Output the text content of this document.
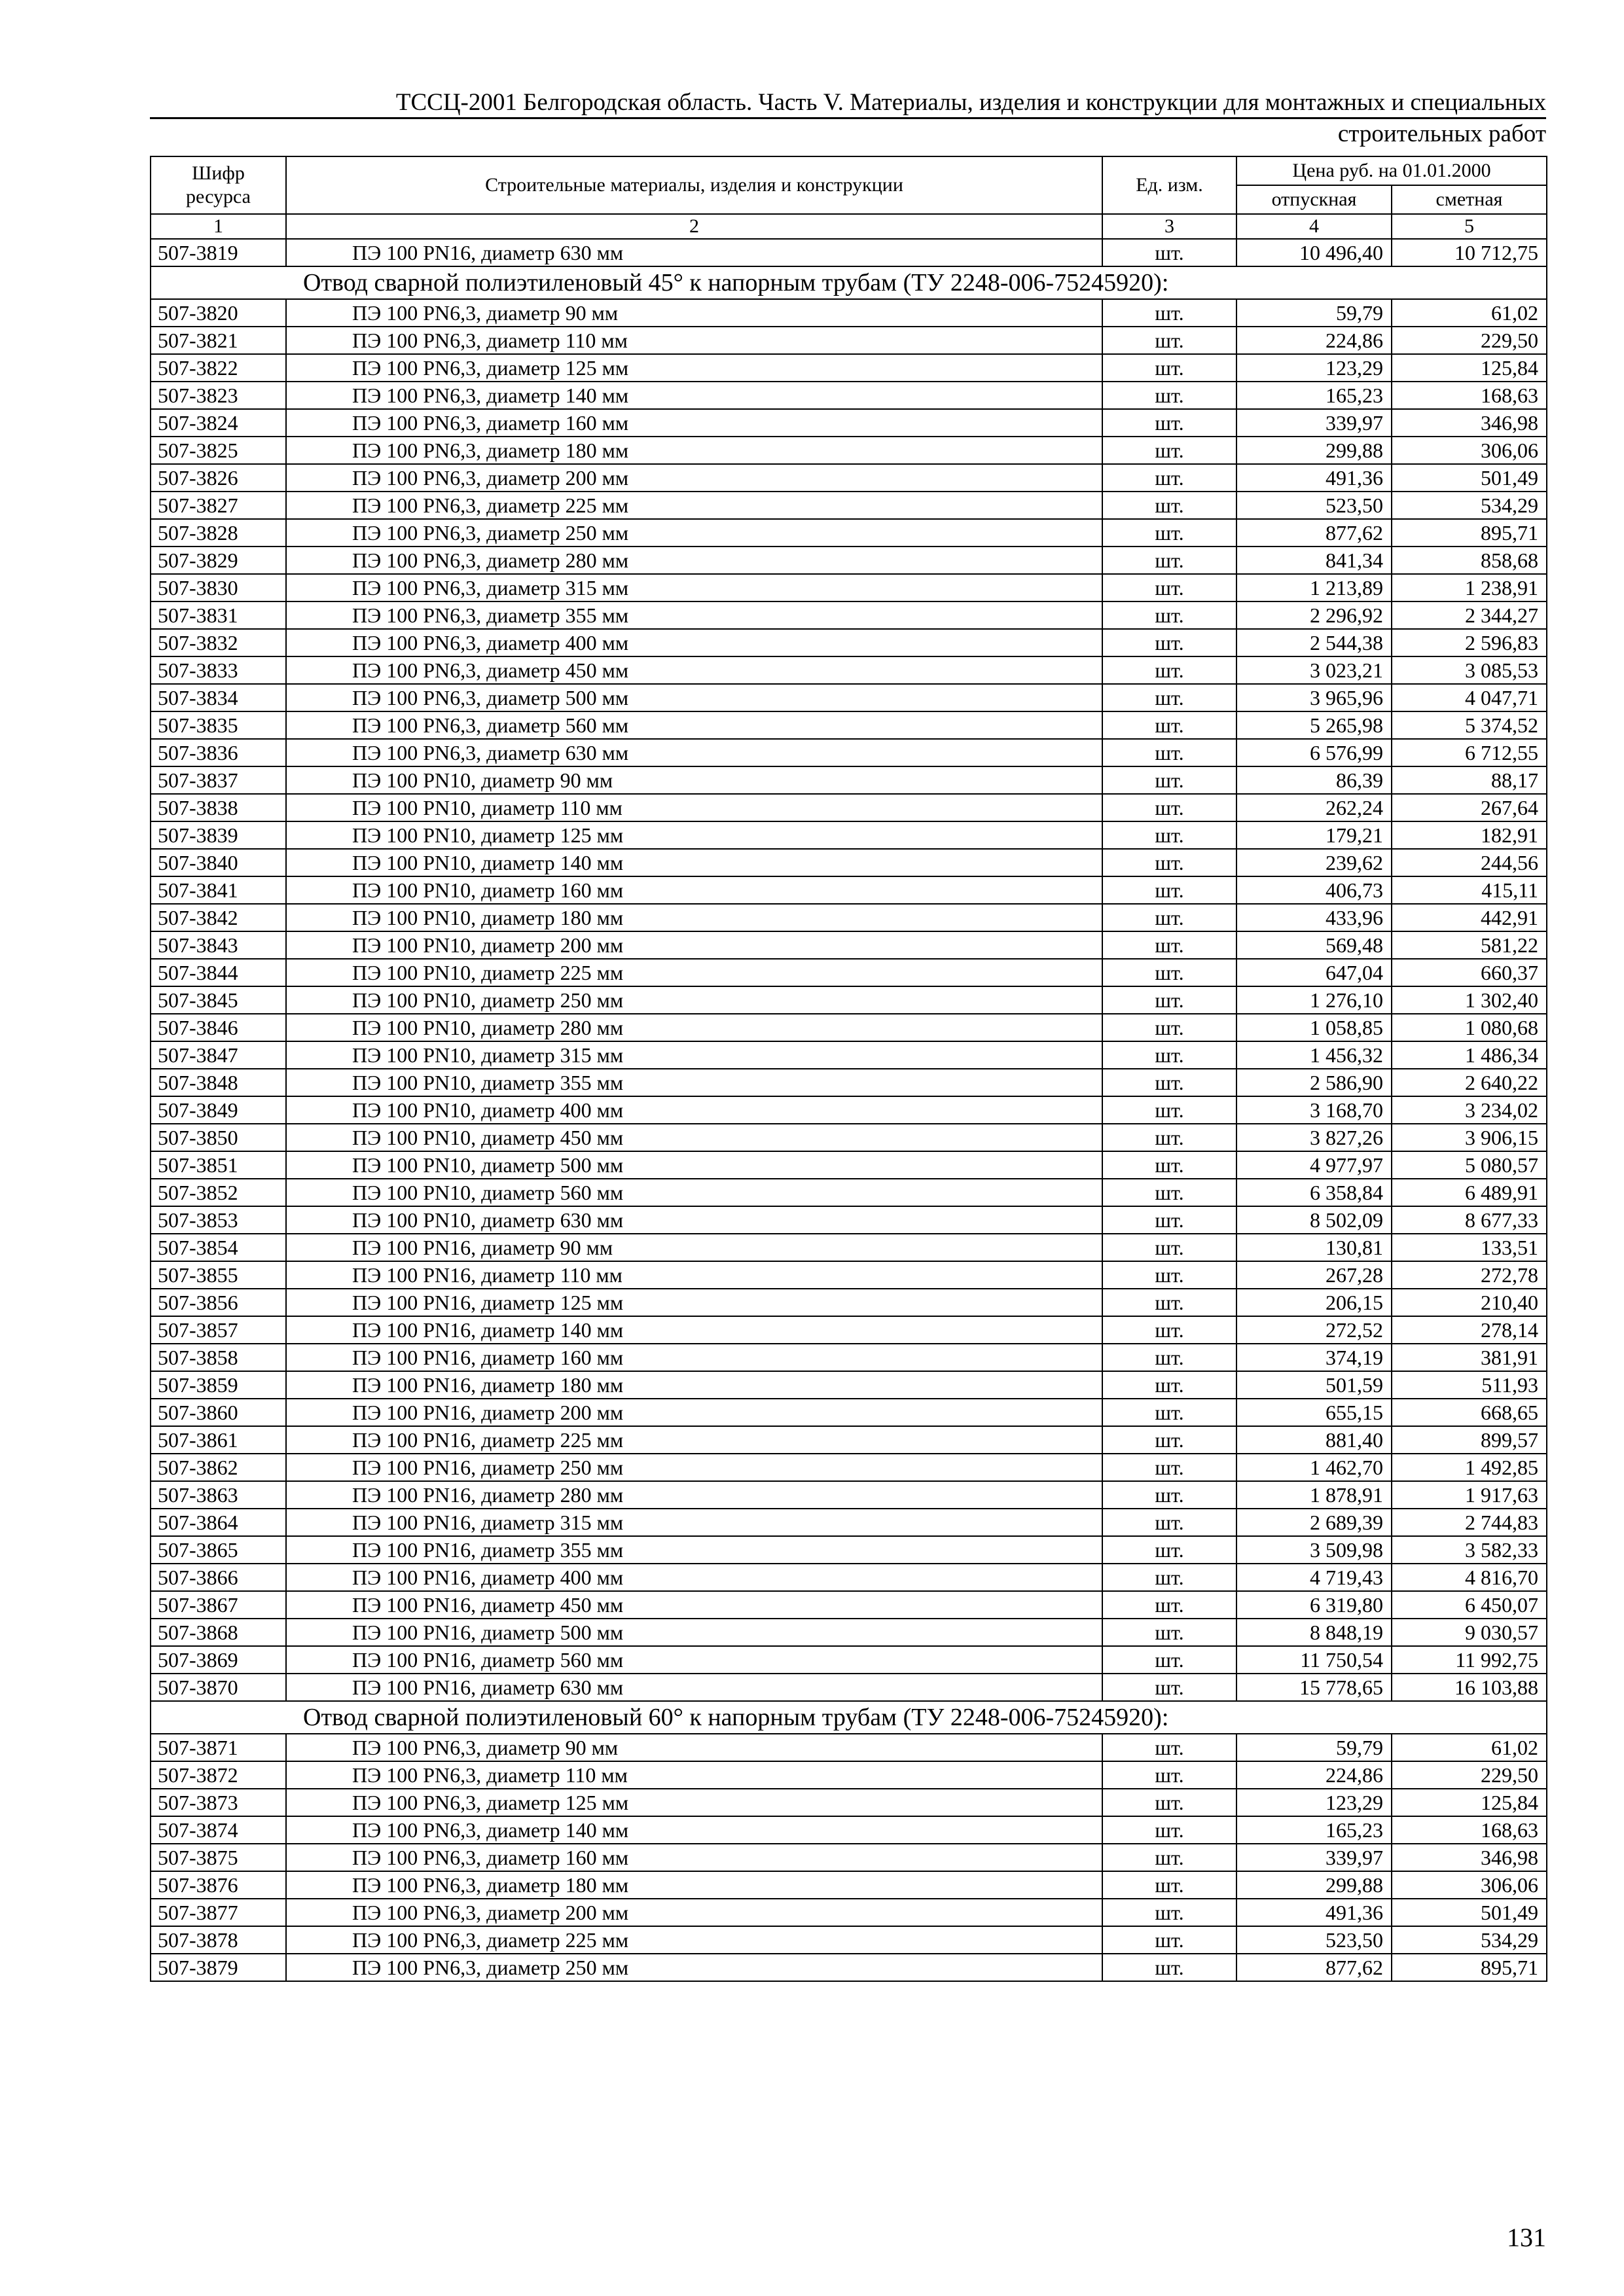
ТССЦ-2001 Белгородская область. Часть V. Материалы, изделия и конструкции для монтажных и специальных
строительных работ
Шифр ресурса	Строительные материалы, изделия и конструкции	Ед. изм.	Цена руб. на 01.01.2000	
			отпускная	сметная
1	2	3	4	5
507-3819	ПЭ 100 PN16, диаметр 630 мм	шт.	10 496,40	10 712,75
Отвод сварной полиэтиленовый 45° к напорным трубам (ТУ 2248-006-75245920):				
507-3820	ПЭ 100 PN6,3, диаметр 90 мм	шт.	59,79	61,02
507-3821	ПЭ 100 PN6,3, диаметр 110 мм	шт.	224,86	229,50
507-3822	ПЭ 100 PN6,3, диаметр 125 мм	шт.	123,29	125,84
507-3823	ПЭ 100 PN6,3, диаметр 140 мм	шт.	165,23	168,63
507-3824	ПЭ 100 PN6,3, диаметр 160 мм	шт.	339,97	346,98
507-3825	ПЭ 100 PN6,3, диаметр 180 мм	шт.	299,88	306,06
507-3826	ПЭ 100 PN6,3, диаметр 200 мм	шт.	491,36	501,49
507-3827	ПЭ 100 PN6,3, диаметр 225 мм	шт.	523,50	534,29
507-3828	ПЭ 100 PN6,3, диаметр 250 мм	шт.	877,62	895,71
507-3829	ПЭ 100 PN6,3, диаметр 280 мм	шт.	841,34	858,68
507-3830	ПЭ 100 PN6,3, диаметр 315 мм	шт.	1 213,89	1 238,91
507-3831	ПЭ 100 PN6,3, диаметр 355 мм	шт.	2 296,92	2 344,27
507-3832	ПЭ 100 PN6,3, диаметр 400 мм	шт.	2 544,38	2 596,83
507-3833	ПЭ 100 PN6,3, диаметр 450 мм	шт.	3 023,21	3 085,53
507-3834	ПЭ 100 PN6,3, диаметр 500 мм	шт.	3 965,96	4 047,71
507-3835	ПЭ 100 PN6,3, диаметр 560 мм	шт.	5 265,98	5 374,52
507-3836	ПЭ 100 PN6,3, диаметр 630 мм	шт.	6 576,99	6 712,55
507-3837	ПЭ 100 PN10, диаметр 90 мм	шт.	86,39	88,17
507-3838	ПЭ 100 PN10, диаметр 110 мм	шт.	262,24	267,64
507-3839	ПЭ 100 PN10, диаметр 125 мм	шт.	179,21	182,91
507-3840	ПЭ 100 PN10, диаметр 140 мм	шт.	239,62	244,56
507-3841	ПЭ 100 PN10, диаметр 160 мм	шт.	406,73	415,11
507-3842	ПЭ 100 PN10, диаметр 180 мм	шт.	433,96	442,91
507-3843	ПЭ 100 PN10, диаметр 200 мм	шт.	569,48	581,22
507-3844	ПЭ 100 PN10, диаметр 225 мм	шт.	647,04	660,37
507-3845	ПЭ 100 PN10, диаметр 250 мм	шт.	1 276,10	1 302,40
507-3846	ПЭ 100 PN10, диаметр 280 мм	шт.	1 058,85	1 080,68
507-3847	ПЭ 100 PN10, диаметр 315 мм	шт.	1 456,32	1 486,34
507-3848	ПЭ 100 PN10, диаметр 355 мм	шт.	2 586,90	2 640,22
507-3849	ПЭ 100 PN10, диаметр 400 мм	шт.	3 168,70	3 234,02
507-3850	ПЭ 100 PN10, диаметр 450 мм	шт.	3 827,26	3 906,15
507-3851	ПЭ 100 PN10, диаметр 500 мм	шт.	4 977,97	5 080,57
507-3852	ПЭ 100 PN10, диаметр 560 мм	шт.	6 358,84	6 489,91
507-3853	ПЭ 100 PN10, диаметр 630 мм	шт.	8 502,09	8 677,33
507-3854	ПЭ 100 PN16, диаметр 90 мм	шт.	130,81	133,51
507-3855	ПЭ 100 PN16, диаметр 110 мм	шт.	267,28	272,78
507-3856	ПЭ 100 PN16, диаметр 125 мм	шт.	206,15	210,40
507-3857	ПЭ 100 PN16, диаметр 140 мм	шт.	272,52	278,14
507-3858	ПЭ 100 PN16, диаметр 160 мм	шт.	374,19	381,91
507-3859	ПЭ 100 PN16, диаметр 180 мм	шт.	501,59	511,93
507-3860	ПЭ 100 PN16, диаметр 200 мм	шт.	655,15	668,65
507-3861	ПЭ 100 PN16, диаметр 225 мм	шт.	881,40	899,57
507-3862	ПЭ 100 PN16, диаметр 250 мм	шт.	1 462,70	1 492,85
507-3863	ПЭ 100 PN16, диаметр 280 мм	шт.	1 878,91	1 917,63
507-3864	ПЭ 100 PN16, диаметр 315 мм	шт.	2 689,39	2 744,83
507-3865	ПЭ 100 PN16, диаметр 355 мм	шт.	3 509,98	3 582,33
507-3866	ПЭ 100 PN16, диаметр 400 мм	шт.	4 719,43	4 816,70
507-3867	ПЭ 100 PN16, диаметр 450 мм	шт.	6 319,80	6 450,07
507-3868	ПЭ 100 PN16, диаметр 500 мм	шт.	8 848,19	9 030,57
507-3869	ПЭ 100 PN16, диаметр 560 мм	шт.	11 750,54	11 992,75
507-3870	ПЭ 100 PN16, диаметр 630 мм	шт.	15 778,65	16 103,88
Отвод сварной полиэтиленовый 60° к напорным трубам (ТУ 2248-006-75245920):				
507-3871	ПЭ 100 PN6,3, диаметр 90 мм	шт.	59,79	61,02
507-3872	ПЭ 100 PN6,3, диаметр 110 мм	шт.	224,86	229,50
507-3873	ПЭ 100 PN6,3, диаметр 125 мм	шт.	123,29	125,84
507-3874	ПЭ 100 PN6,3, диаметр 140 мм	шт.	165,23	168,63
507-3875	ПЭ 100 PN6,3, диаметр 160 мм	шт.	339,97	346,98
507-3876	ПЭ 100 PN6,3, диаметр 180 мм	шт.	299,88	306,06
507-3877	ПЭ 100 PN6,3, диаметр 200 мм	шт.	491,36	501,49
507-3878	ПЭ 100 PN6,3, диаметр 225 мм	шт.	523,50	534,29
507-3879	ПЭ 100 PN6,3, диаметр 250 мм	шт.	877,62	895,71
131
